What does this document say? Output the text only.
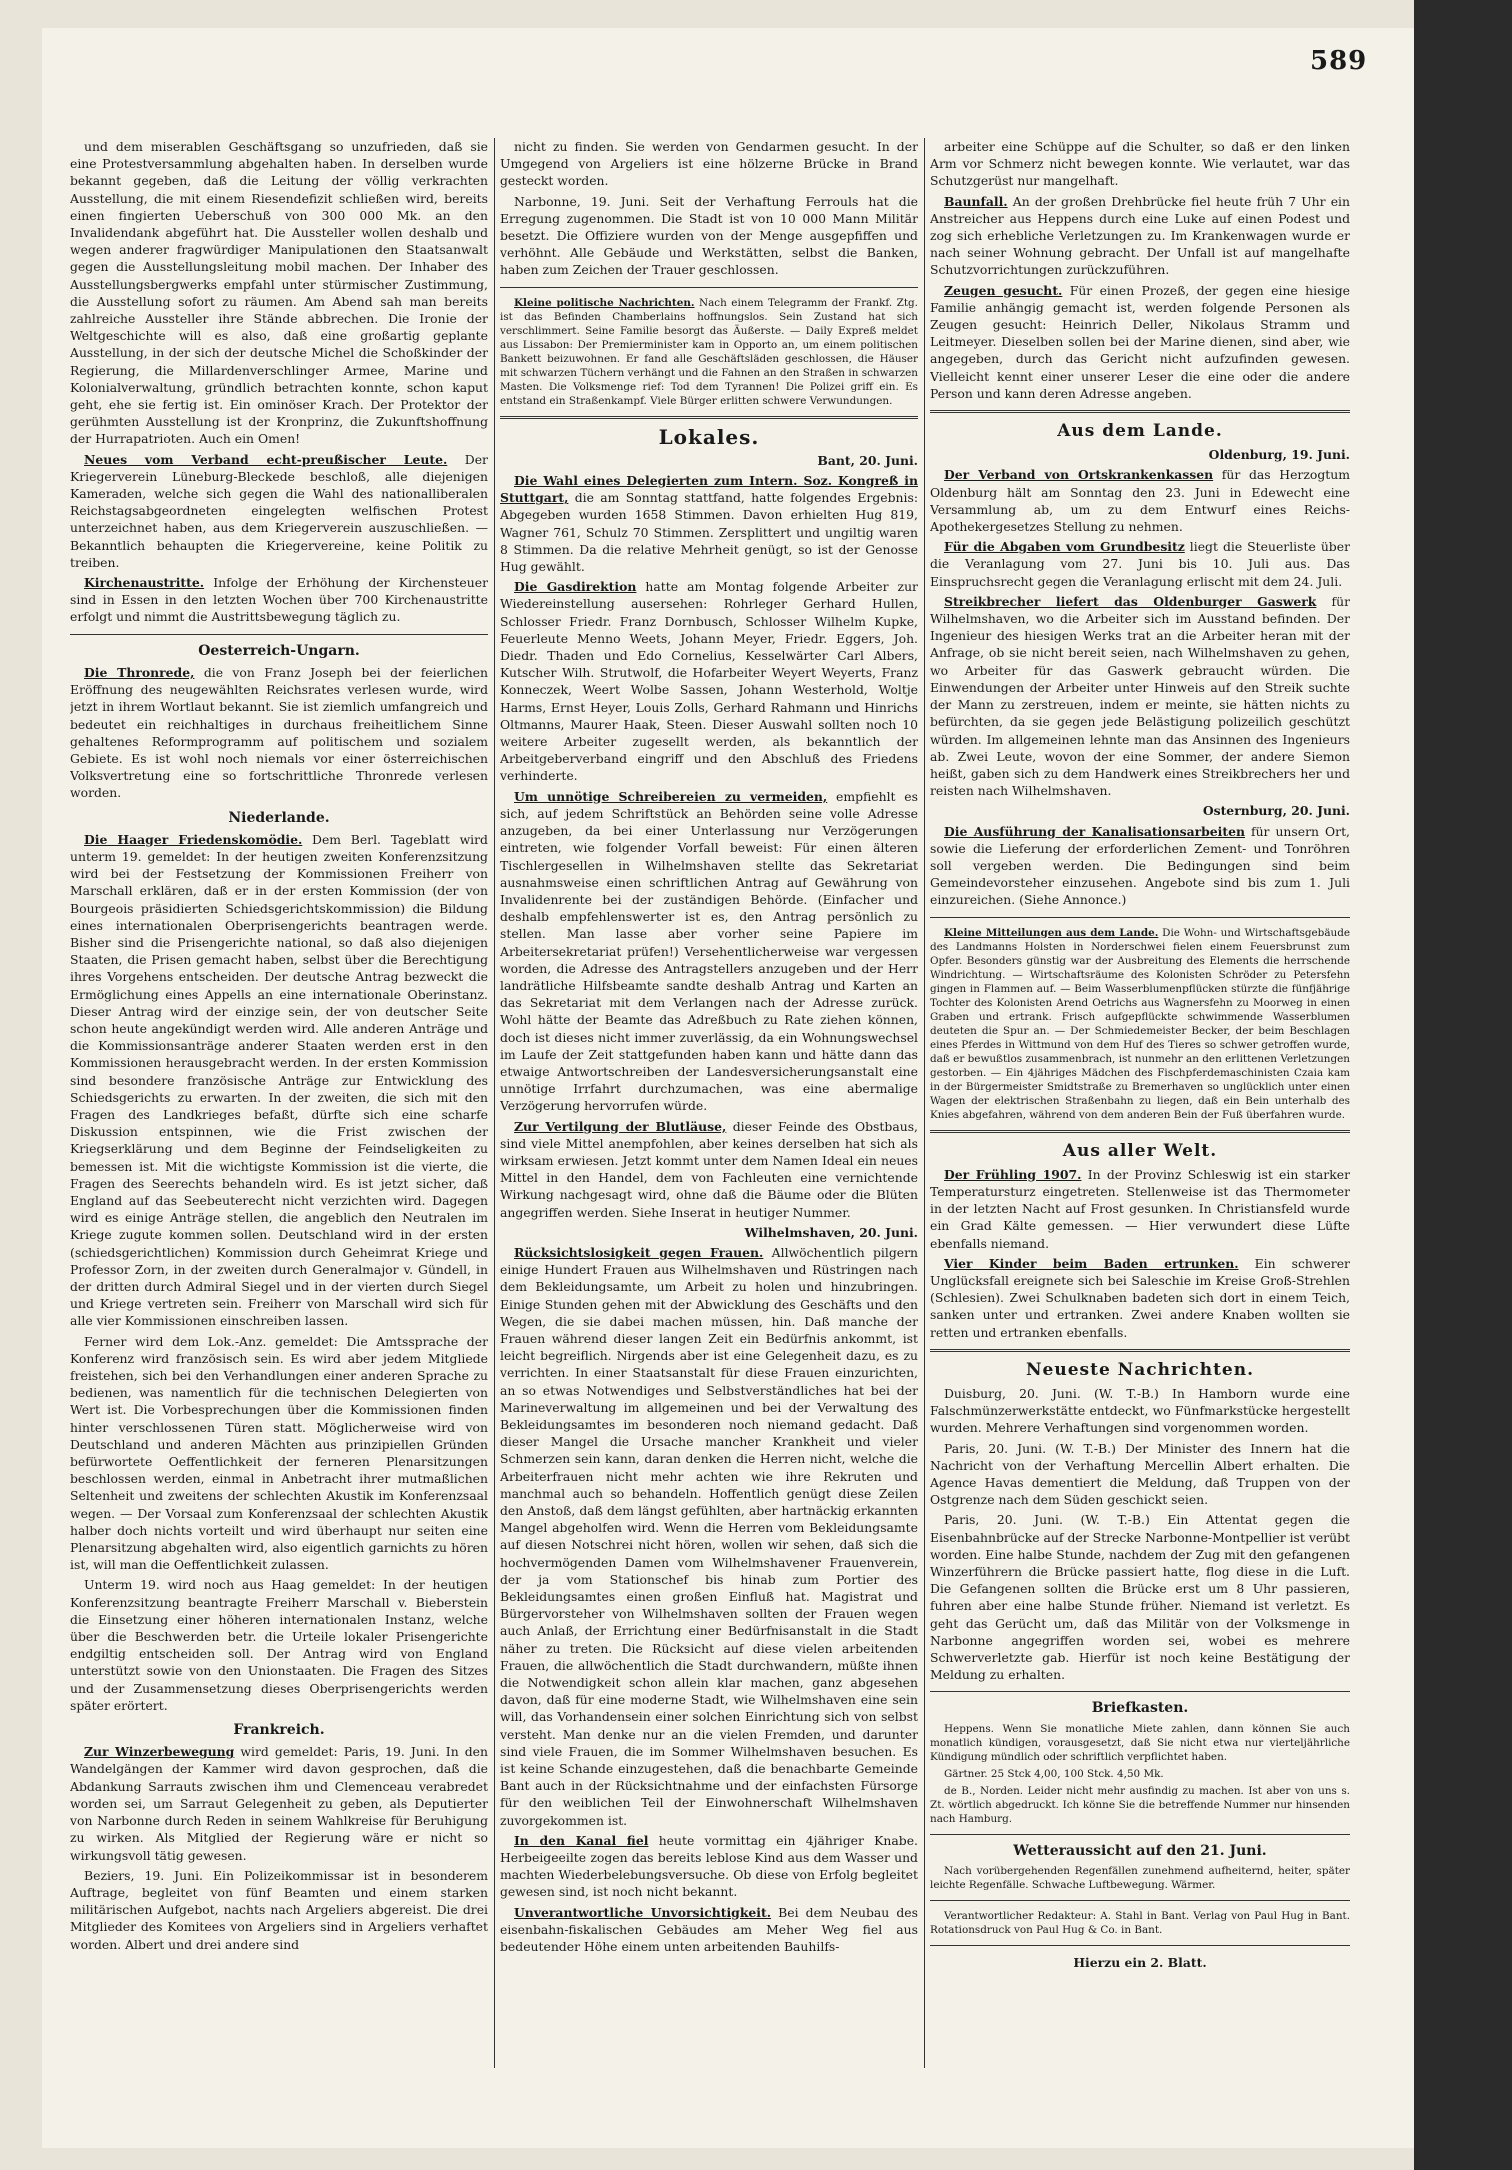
589

und dem miserablen Geschäftsgang so unzufrieden, daß sie eine Protestversammlung abgehalten haben. In derselben wurde bekannt gegeben, daß die Leitung der völlig verkrachten Ausstellung, die mit einem Riesendefizit schließen wird, bereits einen fingierten Ueberschuß von 300 000 Mk. an den Invalidendank abgeführt hat. Die Aussteller wollen deshalb und wegen anderer fragwürdiger Manipulationen den Staatsanwalt gegen die Ausstellungsleitung mobil machen. Der Inhaber des Ausstellungsbergwerks empfahl unter stürmischer Zustimmung, die Ausstellung sofort zu räumen. Am Abend sah man bereits zahlreiche Aussteller ihre Stände abbrechen. Die Ironie der Weltgeschichte will es also, daß eine großartig geplante Ausstellung, in der sich der deutsche Michel die Schoßkinder der Regierung, die Millardenverschlinger Armee, Marine und Kolonialverwaltung, gründlich betrachten konnte, schon kaput geht, ehe sie fertig ist. Ein ominöser Krach. Der Protektor der gerühmten Ausstellung ist der Kronprinz, die Zukunftshoffnung der Hurrapatrioten. Auch ein Omen!

Neues vom Verband echt-preußischer Leute. Der Kriegerverein Lüneburg-Bleckede beschloß, alle diejenigen Kameraden, welche sich gegen die Wahl des nationalliberalen Reichstagsabgeordneten eingelegten welfischen Protest unterzeichnet haben, aus dem Kriegerverein auszuschließen. — Bekanntlich behaupten die Kriegervereine, keine Politik zu treiben.

Kirchenaustritte. Infolge der Erhöhung der Kirchensteuer sind in Essen in den letzten Wochen über 700 Kirchenaustritte erfolgt und nimmt die Austrittsbewegung täglich zu.

Oesterreich-Ungarn.

Die Thronrede, die von Franz Joseph bei der feierlichen Eröffnung des neugewählten Reichsrates verlesen wurde, wird jetzt in ihrem Wortlaut bekannt. Sie ist ziemlich umfangreich und bedeutet ein reichhaltiges in durchaus freiheitlichem Sinne gehaltenes Reformprogramm auf politischem und sozialem Gebiete. Es ist wohl noch niemals vor einer österreichischen Volksvertretung eine so fortschrittliche Thronrede verlesen worden.

Niederlande.

Die Haager Friedenskomödie. Dem Berl. Tageblatt wird unterm 19. gemeldet: In der heutigen zweiten Konferenzsitzung wird bei der Festsetzung der Kommissionen Freiherr von Marschall erklären, daß er in der ersten Kommission (der von Bourgeois präsidierten Schiedsgerichtskommission) die Bildung eines internationalen Oberprisengerichts beantragen werde. Bisher sind die Prisengerichte national, so daß also diejenigen Staaten, die Prisen gemacht haben, selbst über die Berechtigung ihres Vorgehens entscheiden. Der deutsche Antrag bezweckt die Ermöglichung eines Appells an eine internationale Oberinstanz. Dieser Antrag wird der einzige sein, der von deutscher Seite schon heute angekündigt werden wird. Alle anderen Anträge und die Kommissionsanträge anderer Staaten werden erst in den Kommissionen herausgebracht werden. In der ersten Kommission sind besondere französische Anträge zur Entwicklung des Schiedsgerichts zu erwarten. In der zweiten, die sich mit den Fragen des Landkrieges befaßt, dürfte sich eine scharfe Diskussion entspinnen, wie die Frist zwischen der Kriegserklärung und dem Beginne der Feindseligkeiten zu bemessen ist. Mit die wichtigste Kommission ist die vierte, die Fragen des Seerechts behandeln wird. Es ist jetzt sicher, daß England auf das Seebeuterecht nicht verzichten wird. Dagegen wird es einige Anträge stellen, die angeblich den Neutralen im Kriege zugute kommen sollen. Deutschland wird in der ersten (schiedsgerichtlichen) Kommission durch Geheimrat Kriege und Professor Zorn, in der zweiten durch Generalmajor v. Gündell, in der dritten durch Admiral Siegel und in der vierten durch Siegel und Kriege vertreten sein. Freiherr von Marschall wird sich für alle vier Kommissionen einschreiben lassen.

Ferner wird dem Lok.-Anz. gemeldet: Die Amtssprache der Konferenz wird französisch sein. Es wird aber jedem Mitgliede freistehen, sich bei den Verhandlungen einer anderen Sprache zu bedienen, was namentlich für die technischen Delegierten von Wert ist. Die Vorbesprechungen über die Kommissionen finden hinter verschlossenen Türen statt. Möglicherweise wird von Deutschland und anderen Mächten aus prinzipiellen Gründen befürwortete Oeffentlichkeit der ferneren Plenarsitzungen beschlossen werden, einmal in Anbetracht ihrer mutmaßlichen Seltenheit und zweitens der schlechten Akustik im Konferenzsaal wegen. — Der Vorsaal zum Konferenzsaal der schlechten Akustik halber doch nichts vorteilt und wird überhaupt nur seiten eine Plenarsitzung abgehalten wird, also eigentlich garnichts zu hören ist, will man die Oeffentlichkeit zulassen.

Unterm 19. wird noch aus Haag gemeldet: In der heutigen Konferenzsitzung beantragte Freiherr Marschall v. Bieberstein die Einsetzung einer höheren internationalen Instanz, welche über die Beschwerden betr. die Urteile lokaler Prisengerichte endgiltig entscheiden soll. Der Antrag wird von England unterstützt sowie von den Unionstaaten. Die Fragen des Sitzes und der Zusammensetzung dieses Oberprisengerichts werden später erörtert.

Frankreich.

Zur Winzerbewegung wird gemeldet: Paris, 19. Juni. In den Wandelgängen der Kammer wird davon gesprochen, daß die Abdankung Sarrauts zwischen ihm und Clemenceau verabredet worden sei, um Sarraut Gelegenheit zu geben, als Deputierter von Narbonne durch Reden in seinem Wahlkreise für Beruhigung zu wirken. Als Mitglied der Regierung wäre er nicht so wirkungsvoll tätig gewesen.

Beziers, 19. Juni. Ein Polizeikommissar ist in besonderem Auftrage, begleitet von fünf Beamten und einem starken militärischen Aufgebot, nachts nach Argeliers abgereist. Die drei Mitglieder des Komitees von Argeliers sind in Argeliers verhaftet worden. Albert und drei andere sind

nicht zu finden. Sie werden von Gendarmen gesucht. In der Umgegend von Argeliers ist eine hölzerne Brücke in Brand gesteckt worden.

Narbonne, 19. Juni. Seit der Verhaftung Ferrouls hat die Erregung zugenommen. Die Stadt ist von 10 000 Mann Militär besetzt. Die Offiziere wurden von der Menge ausgepfiffen und verhöhnt. Alle Gebäude und Werkstätten, selbst die Banken, haben zum Zeichen der Trauer geschlossen.

Kleine politische Nachrichten. Nach einem Telegramm der Frankf. Ztg. ist das Befinden Chamberlains hoffnungslos. Sein Zustand hat sich verschlimmert. Seine Familie besorgt das Äußerste. — Daily Expreß meldet aus Lissabon: Der Premierminister kam in Opporto an, um einem politischen Bankett beizuwohnen. Er fand alle Geschäftsläden geschlossen, die Häuser mit schwarzen Tüchern verhängt und die Fahnen an den Straßen in schwarzen Masten. Die Volksmenge rief: Tod dem Tyrannen! Die Polizei griff ein. Es entstand ein Straßenkampf. Viele Bürger erlitten schwere Verwundungen.

Lokales.
Bant, 20. Juni.

Die Wahl eines Delegierten zum Intern. Soz. Kongreß in Stuttgart, die am Sonntag stattfand, hatte folgendes Ergebnis: Abgegeben wurden 1658 Stimmen. Davon erhielten Hug 819, Wagner 761, Schulz 70 Stimmen. Zersplittert und ungiltig waren 8 Stimmen. Da die relative Mehrheit genügt, so ist der Genosse Hug gewählt.

Die Gasdirektion hatte am Montag folgende Arbeiter zur Wiedereinstellung ausersehen: Rohrleger Gerhard Hullen, Schlosser Friedr. Franz Dornbusch, Schlosser Wilhelm Kupke, Feuerleute Menno Weets, Johann Meyer, Friedr. Eggers, Joh. Diedr. Thaden und Edo Cornelius, Kesselwärter Carl Albers, Kutscher Wilh. Strutwolf, die Hofarbeiter Weyert Weyerts, Franz Konneczek, Weert Wolbe Sassen, Johann Westerhold, Woltje Harms, Ernst Heyer, Louis Zolls, Gerhard Rahmann und Hinrichs Oltmanns, Maurer Haak, Steen. Dieser Auswahl sollten noch 10 weitere Arbeiter zugesellt werden, als bekanntlich der Arbeitgeberverband eingriff und den Abschluß des Friedens verhinderte.

Um unnötige Schreibereien zu vermeiden, empfiehlt es sich, auf jedem Schriftstück an Behörden seine volle Adresse anzugeben, da bei einer Unterlassung nur Verzögerungen eintreten, wie folgender Vorfall beweist: Für einen älteren Tischlergesellen in Wilhelmshaven stellte das Sekretariat ausnahmsweise einen schriftlichen Antrag auf Gewährung von Invalidenrente bei der zuständigen Behörde. (Einfacher und deshalb empfehlenswerter ist es, den Antrag persönlich zu stellen. Man lasse aber vorher seine Papiere im Arbeitersekretariat prüfen!) Versehentlicherweise war vergessen worden, die Adresse des Antragstellers anzugeben und der Herr landrätliche Hilfsbeamte sandte deshalb Antrag und Karten an das Sekretariat mit dem Verlangen nach der Adresse zurück. Wohl hätte der Beamte das Adreßbuch zu Rate ziehen können, doch ist dieses nicht immer zuverlässig, da ein Wohnungswechsel im Laufe der Zeit stattgefunden haben kann und hätte dann das etwaige Antwortschreiben der Landesversicherungsanstalt eine unnötige Irrfahrt durchzumachen, was eine abermalige Verzögerung hervorrufen würde.

Zur Vertilgung der Blutläuse, dieser Feinde des Obstbaus, sind viele Mittel anempfohlen, aber keines derselben hat sich als wirksam erwiesen. Jetzt kommt unter dem Namen Ideal ein neues Mittel in den Handel, dem von Fachleuten eine vernichtende Wirkung nachgesagt wird, ohne daß die Bäume oder die Blüten angegriffen werden. Siehe Inserat in heutiger Nummer.

Wilhelmshaven, 20. Juni.

Rücksichtslosigkeit gegen Frauen. Allwöchentlich pilgern einige Hundert Frauen aus Wilhelmshaven und Rüstringen nach dem Bekleidungsamte, um Arbeit zu holen und hinzubringen. Einige Stunden gehen mit der Abwicklung des Geschäfts und den Wegen, die sie dabei machen müssen, hin. Daß manche der Frauen während dieser langen Zeit ein Bedürfnis ankommt, ist leicht begreiflich. Nirgends aber ist eine Gelegenheit dazu, es zu verrichten. In einer Staatsanstalt für diese Frauen einzurichten, an so etwas Notwendiges und Selbstverständliches hat bei der Marineverwaltung im allgemeinen und bei der Verwaltung des Bekleidungsamtes im besonderen noch niemand gedacht. Daß dieser Mangel die Ursache mancher Krankheit und vieler Schmerzen sein kann, daran denken die Herren nicht, welche die Arbeiterfrauen nicht mehr achten wie ihre Rekruten und manchmal auch so behandeln. Hoffentlich genügt diese Zeilen den Anstoß, daß dem längst gefühlten, aber hartnäckig erkannten Mangel abgeholfen wird. Wenn die Herren vom Bekleidungsamte auf diesen Notschrei nicht hören, wollen wir sehen, daß sich die hochvermögenden Damen vom Wilhelmshavener Frauenverein, der ja vom Stationschef bis hinab zum Portier des Bekleidungsamtes einen großen Einfluß hat. Magistrat und Bürgervorsteher von Wilhelmshaven sollten der Frauen wegen auch Anlaß, der Errichtung einer Bedürfnisanstalt in die Stadt näher zu treten. Die Rücksicht auf diese vielen arbeitenden Frauen, die allwöchentlich die Stadt durchwandern, müßte ihnen die Notwendigkeit schon allein klar machen, ganz abgesehen davon, daß für eine moderne Stadt, wie Wilhelmshaven eine sein will, das Vorhandensein einer solchen Einrichtung sich von selbst versteht. Man denke nur an die vielen Fremden, und darunter sind viele Frauen, die im Sommer Wilhelmshaven besuchen. Es ist keine Schande einzugestehen, daß die benachbarte Gemeinde Bant auch in der Rücksichtnahme und der einfachsten Fürsorge für den weiblichen Teil der Einwohnerschaft Wilhelmshaven zuvorgekommen ist.

In den Kanal fiel heute vormittag ein 4jähriger Knabe. Herbeigeeilte zogen das bereits leblose Kind aus dem Wasser und machten Wiederbelebungsversuche. Ob diese von Erfolg begleitet gewesen sind, ist noch nicht bekannt.

Unverantwortliche Unvorsichtigkeit. Bei dem Neubau des eisenbahn-fiskalischen Gebäudes am Meher Weg fiel aus bedeutender Höhe einem unten arbeitenden Bauhilfs-

arbeiter eine Schüppe auf die Schulter, so daß er den linken Arm vor Schmerz nicht bewegen konnte. Wie verlautet, war das Schutzgerüst nur mangelhaft.

Baunfall. An der großen Drehbrücke fiel heute früh 7 Uhr ein Anstreicher aus Heppens durch eine Luke auf einen Podest und zog sich erhebliche Verletzungen zu. Im Krankenwagen wurde er nach seiner Wohnung gebracht. Der Unfall ist auf mangelhafte Schutzvorrichtungen zurückzuführen.

Zeugen gesucht. Für einen Prozeß, der gegen eine hiesige Familie anhängig gemacht ist, werden folgende Personen als Zeugen gesucht: Heinrich Deller, Nikolaus Stramm und Leitmeyer. Dieselben sollen bei der Marine dienen, sind aber, wie angegeben, durch das Gericht nicht aufzufinden gewesen. Vielleicht kennt einer unserer Leser die eine oder die andere Person und kann deren Adresse angeben.

Aus dem Lande.
Oldenburg, 19. Juni.

Der Verband von Ortskrankenkassen für das Herzogtum Oldenburg hält am Sonntag den 23. Juni in Edewecht eine Versammlung ab, um zu dem Entwurf eines Reichs-Apothekergesetzes Stellung zu nehmen.

Für die Abgaben vom Grundbesitz liegt die Steuerliste über die Veranlagung vom 27. Juni bis 10. Juli aus. Das Einspruchsrecht gegen die Veranlagung erlischt mit dem 24. Juli.

Streikbrecher liefert das Oldenburger Gaswerk für Wilhelmshaven, wo die Arbeiter sich im Ausstand befinden. Der Ingenieur des hiesigen Werks trat an die Arbeiter heran mit der Anfrage, ob sie nicht bereit seien, nach Wilhelmshaven zu gehen, wo Arbeiter für das Gaswerk gebraucht würden. Die Einwendungen der Arbeiter unter Hinweis auf den Streik suchte der Mann zu zerstreuen, indem er meinte, sie hätten nichts zu befürchten, da sie gegen jede Belästigung polizeilich geschützt würden. Im allgemeinen lehnte man das Ansinnen des Ingenieurs ab. Zwei Leute, wovon der eine Sommer, der andere Siemon heißt, gaben sich zu dem Handwerk eines Streikbrechers her und reisten nach Wilhelmshaven.

Osternburg, 20. Juni.

Die Ausführung der Kanalisationsarbeiten für unsern Ort, sowie die Lieferung der erforderlichen Zement- und Tonröhren soll vergeben werden. Die Bedingungen sind beim Gemeindevorsteher einzusehen. Angebote sind bis zum 1. Juli einzureichen. (Siehe Annonce.)

Kleine Mitteilungen aus dem Lande. Die Wohn- und Wirtschaftsgebäude des Landmanns Holsten in Norderschwei fielen einem Feuersbrunst zum Opfer. Besonders günstig war der Ausbreitung des Elements die herrschende Windrichtung. — Wirtschaftsräume des Kolonisten Schröder zu Petersfehn gingen in Flammen auf. — Beim Wasserblumenpflücken stürzte die fünfjährige Tochter des Kolonisten Arend Oetrichs aus Wagnersfehn zu Moorweg in einen Graben und ertrank. Frisch aufgepflückte schwimmende Wasserblumen deuteten die Spur an. — Der Schmiedemeister Becker, der beim Beschlagen eines Pferdes in Wittmund von dem Huf des Tieres so schwer getroffen wurde, daß er bewußtlos zusammenbrach, ist nunmehr an den erlittenen Verletzungen gestorben. — Ein 4jähriges Mädchen des Fischpferdemaschinisten Czaia kam in der Bürgermeister Smidtstraße zu Bremerhaven so unglücklich unter einen Wagen der elektrischen Straßenbahn zu liegen, daß ein Bein unterhalb des Knies abgefahren, während von dem anderen Bein der Fuß überfahren wurde.

Aus aller Welt.

Der Frühling 1907. In der Provinz Schleswig ist ein starker Temperatursturz eingetreten. Stellenweise ist das Thermometer in der letzten Nacht auf Frost gesunken. In Christiansfeld wurde ein Grad Kälte gemessen. — Hier verwundert diese Lüfte ebenfalls niemand.

Vier Kinder beim Baden ertrunken. Ein schwerer Unglücksfall ereignete sich bei Saleschie im Kreise Groß-Strehlen (Schlesien). Zwei Schulknaben badeten sich dort in einem Teich, sanken unter und ertranken. Zwei andere Knaben wollten sie retten und ertranken ebenfalls.

Neueste Nachrichten.

Duisburg, 20. Juni. (W. T.-B.) In Hamborn wurde eine Falschmünzerwerkstätte entdeckt, wo Fünfmarkstücke hergestellt wurden. Mehrere Verhaftungen sind vorgenommen worden.

Paris, 20. Juni. (W. T.-B.) Der Minister des Innern hat die Nachricht von der Verhaftung Mercellin Albert erhalten. Die Agence Havas dementiert die Meldung, daß Truppen von der Ostgrenze nach dem Süden geschickt seien.

Paris, 20. Juni. (W. T.-B.) Ein Attentat gegen die Eisenbahnbrücke auf der Strecke Narbonne-Montpellier ist verübt worden. Eine halbe Stunde, nachdem der Zug mit den gefangenen Winzerführern die Brücke passiert hatte, flog diese in die Luft. Die Gefangenen sollten die Brücke erst um 8 Uhr passieren, fuhren aber eine halbe Stunde früher. Niemand ist verletzt. Es geht das Gerücht um, daß das Militär von der Volksmenge in Narbonne angegriffen worden sei, wobei es mehrere Schwerverletzte gab. Hierfür ist noch keine Bestätigung der Meldung zu erhalten.

Briefkasten.

Heppens. Wenn Sie monatliche Miete zahlen, dann können Sie auch monatlich kündigen, vorausgesetzt, daß Sie nicht etwa nur vierteljährliche Kündigung mündlich oder schriftlich verpflichtet haben.

Gärtner. 25 Stck 4,00, 100 Stck. 4,50 Mk.

de B., Norden. Leider nicht mehr ausfindig zu machen. Ist aber von uns s. Zt. wörtlich abgedruckt. Ich könne Sie die betreffende Nummer nur hinsenden nach Hamburg.

Wetteraussicht auf den 21. Juni.

Nach vorübergehenden Regenfällen zunehmend aufheiternd, heiter, später leichte Regenfälle. Schwache Luftbewegung. Wärmer.

Verantwortlicher Redakteur: A. Stahl in Bant. Verlag von Paul Hug in Bant. Rotationsdruck von Paul Hug & Co. in Bant.

Hierzu ein 2. Blatt.
